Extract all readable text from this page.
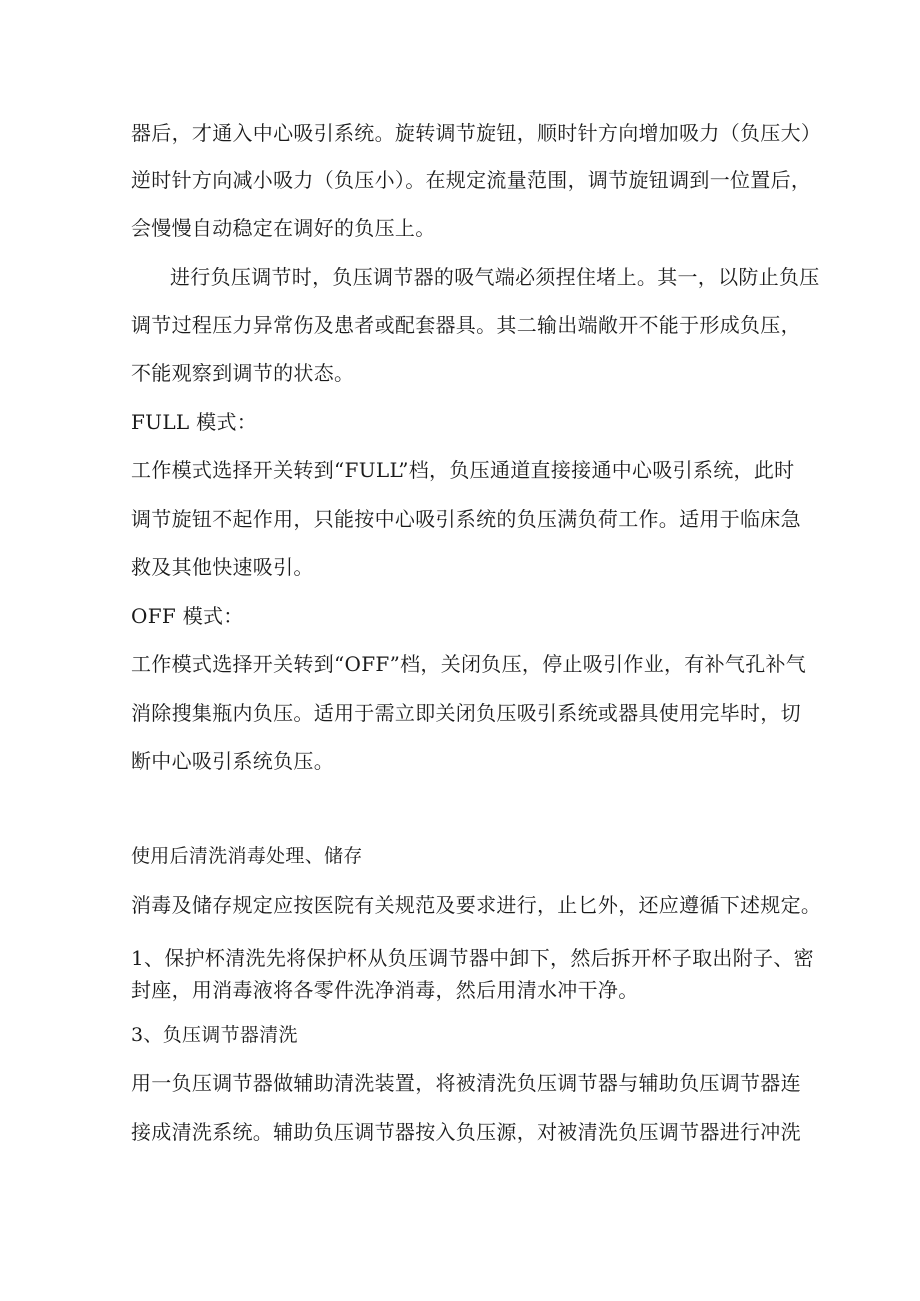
器后，才通入中心吸引系统。旋转调节旋钮，顺时针方向增加吸力（负压大）

逆时针方向减小吸力（负压小）。在规定流量范围，调节旋钮调到一位置后，

会慢慢自动稳定在调好的负压上。

进行负压调节时，负压调节器的吸气端必须捏住堵上。其一，以防止负压

调节过程压力异常伤及患者或配套器具。其二输出端敞开不能于形成负压，

不能观察到调节的状态。

FULL 模式：

工作模式选择开关转到“FULL”档，负压通道直接接通中心吸引系统，此时

调节旋钮不起作用，只能按中心吸引系统的负压满负荷工作。适用于临床急

救及其他快速吸引。

OFF 模式：

工作模式选择开关转到“OFF”档，关闭负压，停止吸引作业，有补气孔补气

消除搜集瓶内负压。适用于需立即关闭负压吸引系统或器具使用完毕时，切

断中心吸引系统负压。

使用后清洗消毒处理、储存

消毒及储存规定应按医院有关规范及要求进行，止匕外，还应遵循下述规定。

1、保护杯清洗先将保护杯从负压调节器中卸下，然后拆开杯子取出附子、密

封座，用消毒液将各零件洗净消毒，然后用清水冲干净。

3、负压调节器清洗

用一负压调节器做辅助清洗装置，将被清洗负压调节器与辅助负压调节器连

接成清洗系统。辅助负压调节器按入负压源，对被清洗负压调节器进行冲洗
